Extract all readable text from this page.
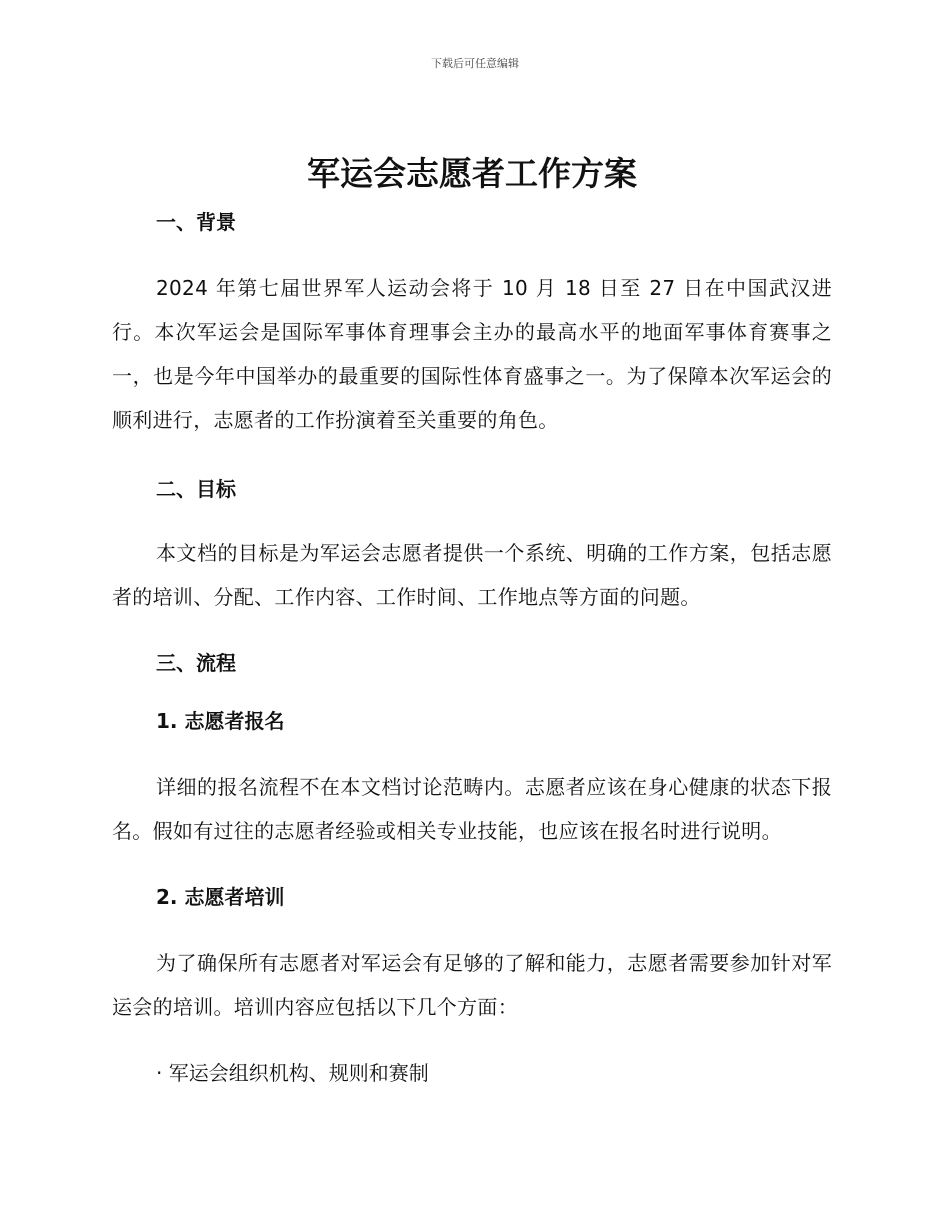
下载后可任意编辑
军运会志愿者工作方案
一、背景

2024 年第七届世界军人运动会将于 10 月 18 日至 27 日在中国武汉进行。本次军运会是国际军事体育理事会主办的最高水平的地面军事体育赛事之一，也是今年中国举办的最重要的国际性体育盛事之一。为了保障本次军运会的顺利进行，志愿者的工作扮演着至关重要的角色。

二、目标

本文档的目标是为军运会志愿者提供一个系统、明确的工作方案，包括志愿者的培训、分配、工作内容、工作时间、工作地点等方面的问题。

三、流程
1. 志愿者报名

详细的报名流程不在本文档讨论范畴内。志愿者应该在身心健康的状态下报名。假如有过往的志愿者经验或相关专业技能，也应该在报名时进行说明。

2. 志愿者培训

为了确保所有志愿者对军运会有足够的了解和能力，志愿者需要参加针对军运会的培训。培训内容应包括以下几个方面：

· 军运会组织机构、规则和赛制
